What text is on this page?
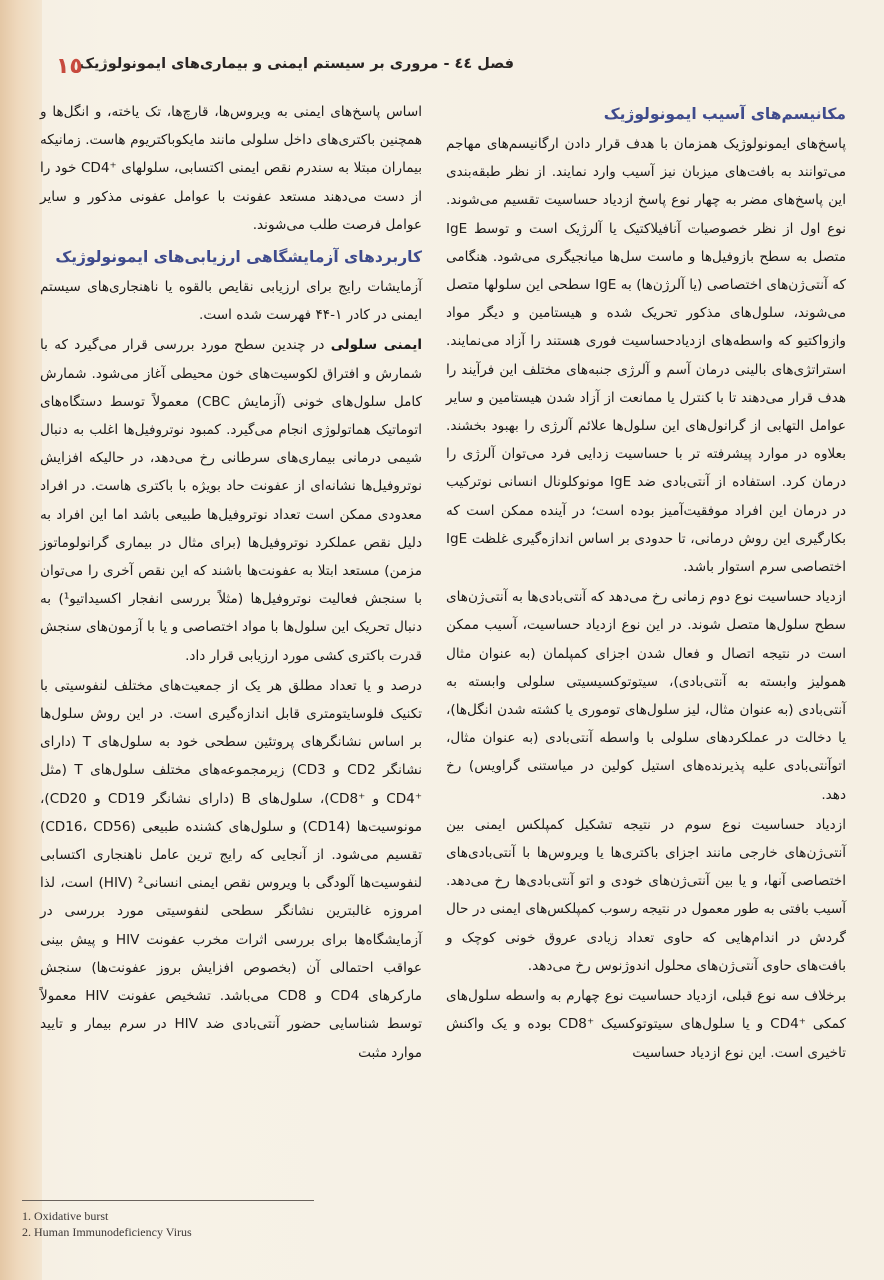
فصل ٤٤ - مروری بر سیستم ایمنی و بیماری‌های ایمونولوژیک
١٥
مکانیسم‌های آسیب ایمونولوژیک

پاسخ‌های ایمونولوژیک همزمان با هدف قرار دادن ارگانیسم‌های مهاجم می‌توانند به بافت‌های میزبان نیز آسیب وارد نمایند. از نظر طبقه‌بندی این پاسخ‌های مضر به چهار نوع پاسخ ازدیاد حساسیت تقسیم می‌شوند. نوع اول از نظر خصوصیات آنافیلاکتیک یا آلرژیک است و توسط IgE متصل به سطح بازوفیل‌ها و ماست سل‌ها میانجیگری می‌شود. هنگامی که آنتی‌ژن‌های اختصاصی (یا آلرژن‌ها) به IgE سطحی این سلولها متصل می‌شوند، سلول‌های مذکور تحریک شده و هیستامین و دیگر مواد وازواکتیو که واسطه‌های ازدیادحساسیت فوری هستند را آزاد می‌نمایند. استراتژی‌های بالینی درمان آسم و آلرژی جنبه‌های مختلف این فرآیند را هدف قرار می‌دهند تا با کنترل یا ممانعت از آزاد شدن هیستامین و سایر عوامل التهابی از گرانول‌های این سلول‌ها علائم آلرژی را بهبود بخشند. بعلاوه در موارد پیشرفته تر با حساسیت زدایی فرد می‌توان آلرژی را درمان کرد. استفاده از آنتی‌بادی ضد IgE مونوکلونال انسانی نوترکیب در درمان این افراد موفقیت‌آمیز بوده است؛ در آینده ممکن است که بکارگیری این روش درمانی، تا حدودی بر اساس اندازه‌گیری غلظت IgE اختصاصی سرم استوار باشد.

ازدیاد حساسیت نوع دوم زمانی رخ می‌دهد که آنتی‌بادی‌ها به آنتی‌ژن‌های سطح سلول‌ها متصل شوند. در این نوع ازدیاد حساسیت، آسیب ممکن است در نتیجه اتصال و فعال شدن اجزای کمپلمان (به عنوان مثال همولیز وابسته به آنتی‌بادی)، سیتوتوکسیسیتی سلولی وابسته به آنتی‌بادی (به عنوان مثال، لیز سلول‌های توموری یا کشته شدن انگل‌ها)، یا دخالت در عملکردهای سلولی با واسطه آنتی‌بادی (به عنوان مثال، اتوآنتی‌بادی علیه پذیرنده‌های استیل کولین در میاستنی گراویس) رخ دهد.

ازدیاد حساسیت نوع سوم در نتیجه تشکیل کمپلکس ایمنی بین آنتی‌ژن‌های خارجی مانند اجزای باکتری‌ها یا ویروس‌ها با آنتی‌بادی‌های اختصاصی آنها، و یا بین آنتی‌ژن‌های خودی و اتو آنتی‌بادی‌ها رخ می‌دهد. آسیب بافتی به طور معمول در نتیجه رسوب کمپلکس‌های ایمنی در حال گردش در اندام‌هایی که حاوی تعداد زیادی عروق خونی کوچک و بافت‌های حاوی آنتی‌ژن‌های محلول اندوژنوس رخ می‌دهد.

برخلاف سه نوع قبلی، ازدیاد حساسیت نوع چهارم به واسطه سلول‌های کمکی ⁺CD4 و یا سلول‌های سیتوتوکسیک ⁺CD8 بوده و یک واکنش تاخیری است. این نوع ازدیاد حساسیت

اساس پاسخ‌های ایمنی به ویروس‌ها، قارچ‌ها، تک یاخته، و انگل‌ها و همچنین باکتری‌های داخل سلولی مانند مایکوباکتریوم هاست. زمانیکه بیماران مبتلا به سندرم نقص ایمنی اکتسابی، سلولهای ⁺CD4 خود را از دست می‌دهند مستعد عفونت با عوامل عفونی مذکور و سایر عوامل فرصت طلب می‌شوند.

کاربردهای آزمایشگاهی ارزیابی‌های ایمونولوژیک

آزمایشات رایج برای ارزیابی نقایص بالقوه یا ناهنجاری‌های سیستم ایمنی در کادر ۱-۴۴ فهرست شده است.

ایمنی سلولی در چندین سطح مورد بررسی قرار می‌گیرد که با شمارش و افتراق لکوسیت‌های خون محیطی آغاز می‌شود. شمارش کامل سلول‌های خونی (آزمایش CBC) معمولاً توسط دستگاه‌های اتوماتیک هماتولوژی انجام می‌گیرد. کمبود نوتروفیل‌ها اغلب به دنبال شیمی درمانی بیماری‌های سرطانی رخ می‌دهد، در حالیکه افزایش نوتروفیل‌ها نشانه‌ای از عفونت حاد بویژه با باکتری هاست. در افراد معدودی ممکن است تعداد نوتروفیل‌ها طبیعی باشد اما این افراد به دلیل نقص عملکرد نوتروفیل‌ها (برای مثال در بیماری گرانولوماتوز مزمن) مستعد ابتلا به عفونت‌ها باشند که این نقص آخری را می‌توان با سنجش فعالیت نوتروفیل‌ها (مثلاً بررسی انفجار اکسیداتیو¹) به دنبال تحریک این سلول‌ها با مواد اختصاصی و یا با آزمون‌های سنجش قدرت باکتری کشی مورد ارزیابی قرار داد.

درصد و یا تعداد مطلق هر یک از جمعیت‌های مختلف لنفوسیتی با تکنیک فلوسایتومتری قابل اندازه‌گیری است. در این روش سلول‌ها بر اساس نشانگرهای پروتئین سطحی خود به سلول‌های T (دارای نشانگر CD2 و CD3) زیرمجموعه‌های مختلف سلول‌های T (مثل ⁺CD4 و ⁺CD8)، سلول‌های B (دارای نشانگر CD19 و CD20)، مونوسیت‌ها (CD14) و سلول‌های کشنده طبیعی (CD16، CD56) تقسیم می‌شود. از آنجایی که رایج ترین عامل ناهنجاری اکتسابی لنفوسیت‌ها آلودگی با ویروس نقص ایمنی انسانی² (HIV) است، لذا امروزه غالبترین نشانگر سطحی لنفوسیتی مورد بررسی در آزمایشگاه‌ها برای بررسی اثرات مخرب عفونت HIV و پیش بینی عواقب احتمالی آن (بخصوص افزایش بروز عفونت‌ها) سنجش مارکرهای CD4 و CD8 می‌باشد. تشخیص عفونت HIV معمولاً توسط شناسایی حضور آنتی‌بادی ضد HIV در سرم بیمار و تایید موارد مثبت

1. Oxidative burst
2. Human Immunodeficiency Virus
